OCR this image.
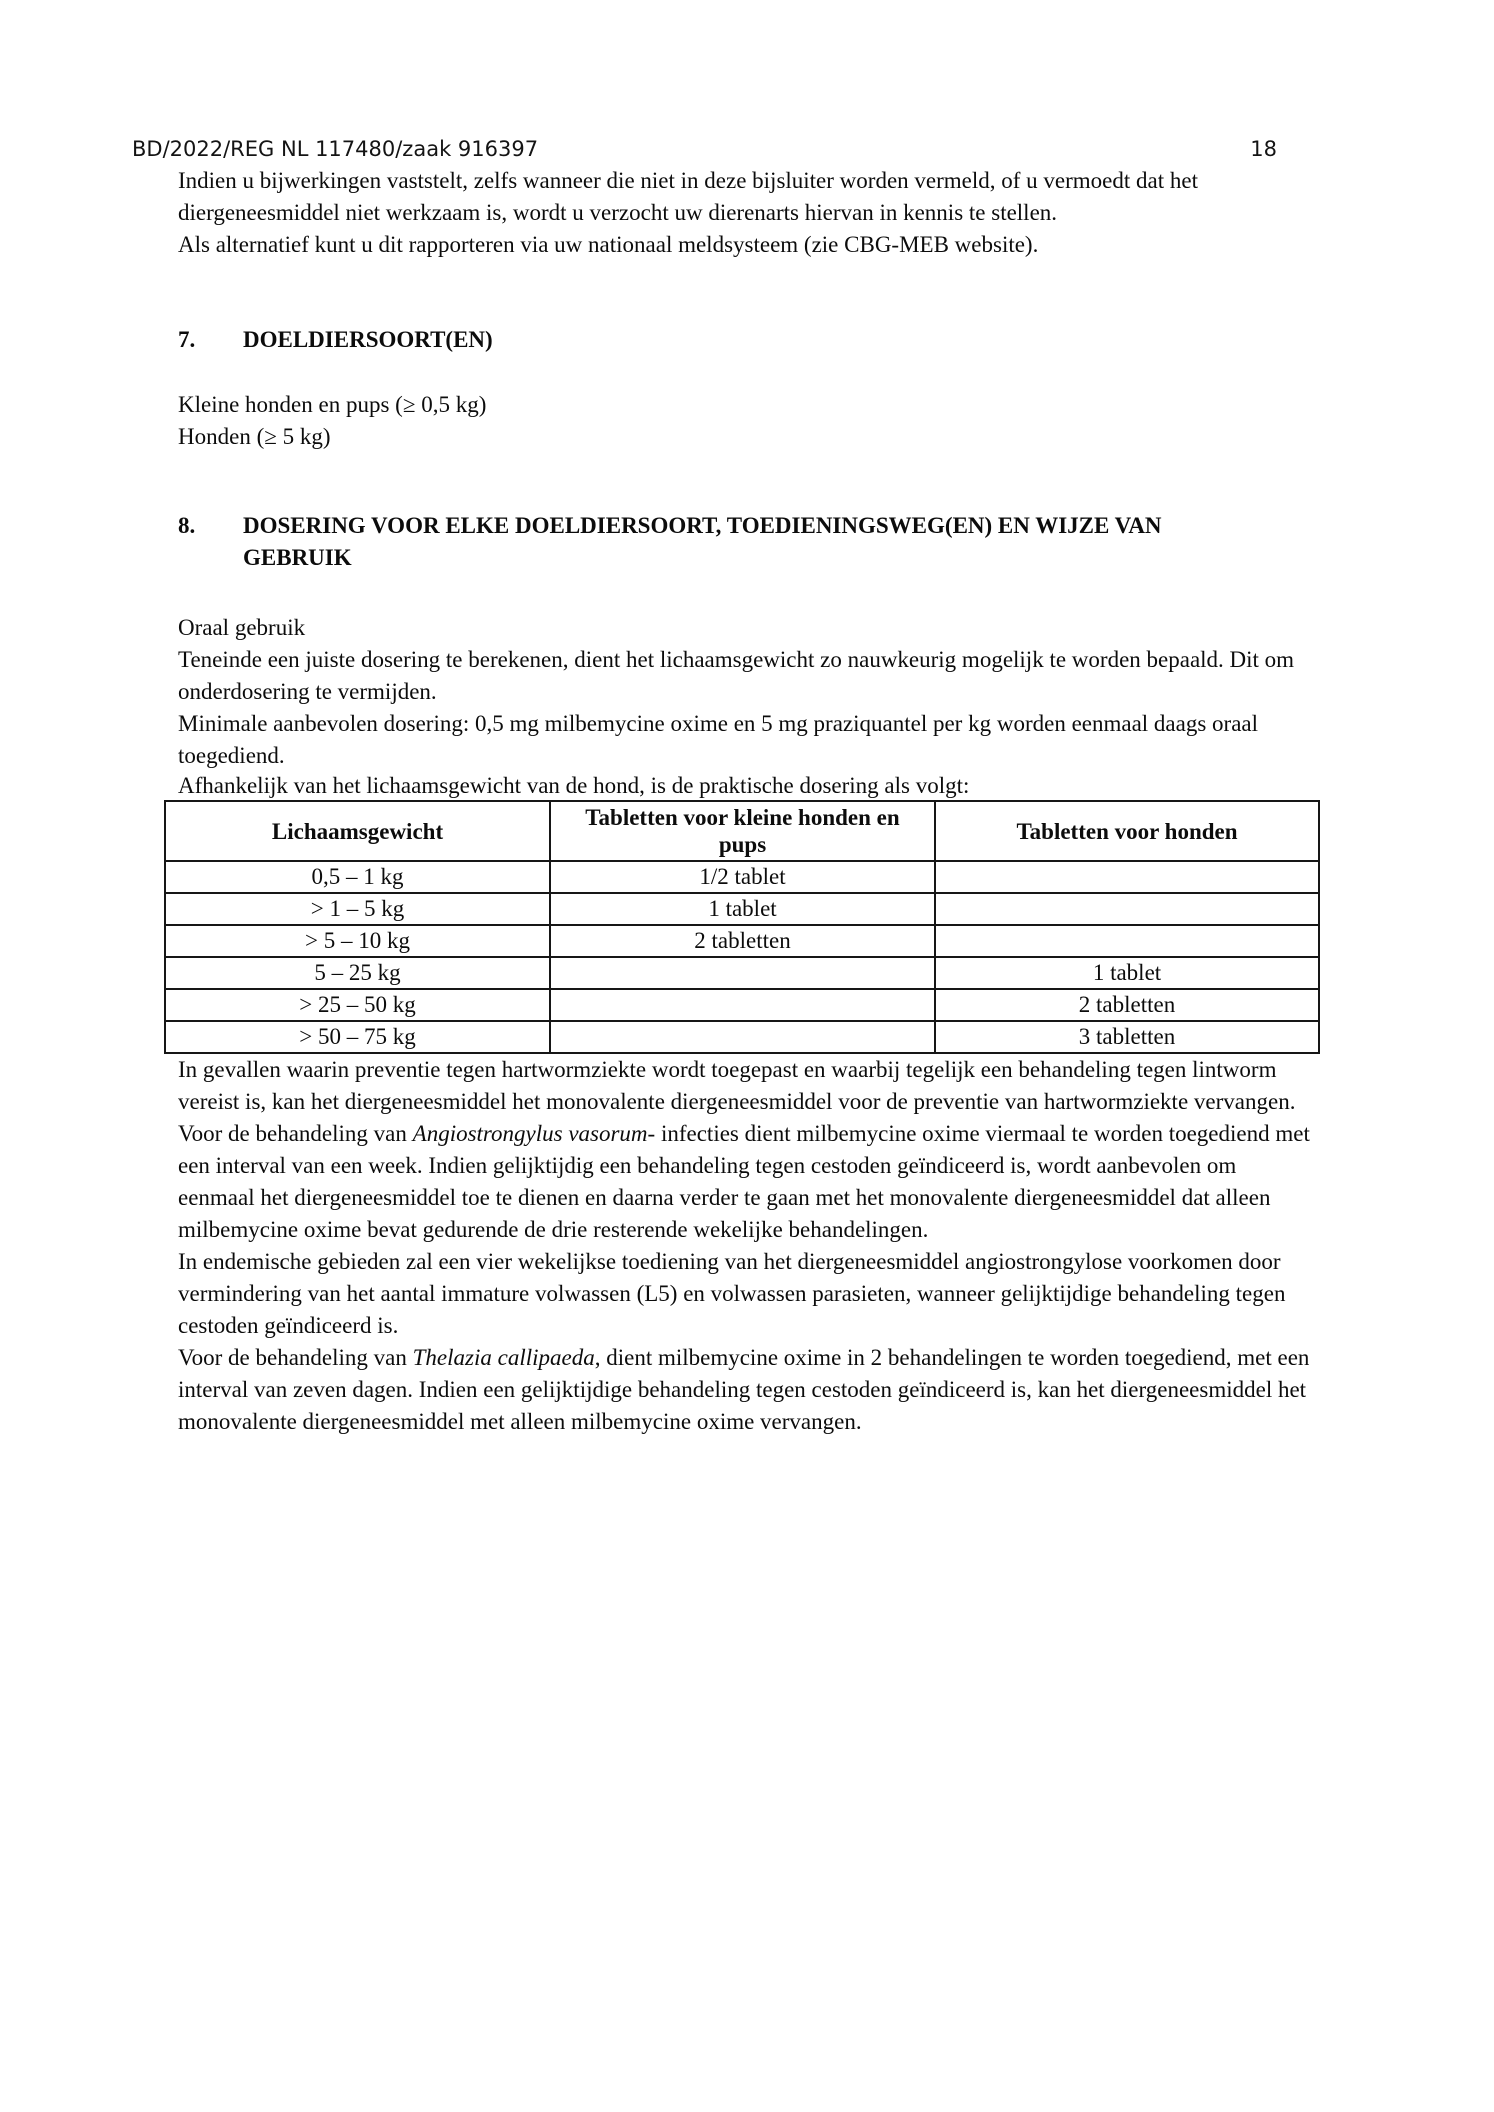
BD/2022/REG NL 117480/zaak 916397	18

Indien u bijwerkingen vaststelt, zelfs wanneer die niet in deze bijsluiter worden vermeld, of u vermoedt dat het diergeneesmiddel niet werkzaam is, wordt u verzocht uw dierenarts hiervan in kennis te stellen.

Als alternatief kunt u dit rapporteren via uw nationaal meldsysteem (zie CBG-MEB website).

7.	DOELDIERSOORT(EN)
Kleine honden en pups (≥ 0,5 kg)
Honden (≥ 5 kg)
8.	DOSERING VOOR ELKE DOELDIERSOORT, TOEDIENINGSWEG(EN) EN WIJZE VAN GEBRUIK
Oraal gebruik
Teneinde een juiste dosering te berekenen, dient het lichaamsgewicht zo nauwkeurig mogelijk te worden bepaald. Dit om onderdosering te vermijden.

Minimale aanbevolen dosering: 0,5 mg milbemycine oxime en 5 mg praziquantel per kg worden eenmaal daags oraal toegediend.

Afhankelijk van het lichaamsgewicht van de hond, is de praktische dosering als volgt:

Lichaamsgewicht	Tabletten voor kleine honden en pups	Tabletten voor honden
0,5 – 1 kg	1/2 tablet	
> 1 – 5 kg	1 tablet	
> 5 – 10 kg	2 tabletten	
5 – 25 kg		1 tablet
> 25 – 50 kg		2 tabletten
> 50 – 75 kg		3 tabletten

In gevallen waarin preventie tegen hartwormziekte wordt toegepast en waarbij tegelijk een behandeling tegen lintworm vereist is, kan het diergeneesmiddel het monovalente diergeneesmiddel voor de preventie van hartwormziekte vervangen.

Voor de behandeling van Angiostrongylus vasorum- infecties dient milbemycine oxime viermaal te worden toegediend met een interval van een week. Indien gelijktijdig een behandeling tegen cestoden geïndiceerd is, wordt aanbevolen om eenmaal het diergeneesmiddel toe te dienen en daarna verder te gaan met het monovalente diergeneesmiddel dat alleen milbemycine oxime bevat gedurende de drie resterende wekelijke behandelingen.

In endemische gebieden zal een vier wekelijkse toediening van het diergeneesmiddel angiostrongylose voorkomen door vermindering van het aantal immature volwassen (L5) en volwassen parasieten, wanneer gelijktijdige behandeling tegen cestoden geïndiceerd is.

Voor de behandeling van Thelazia callipaeda, dient milbemycine oxime in 2 behandelingen te worden toegediend, met een interval van zeven dagen. Indien een gelijktijdige behandeling tegen cestoden geïndiceerd is, kan het diergeneesmiddel het monovalente diergeneesmiddel met alleen milbemycine oxime vervangen.
